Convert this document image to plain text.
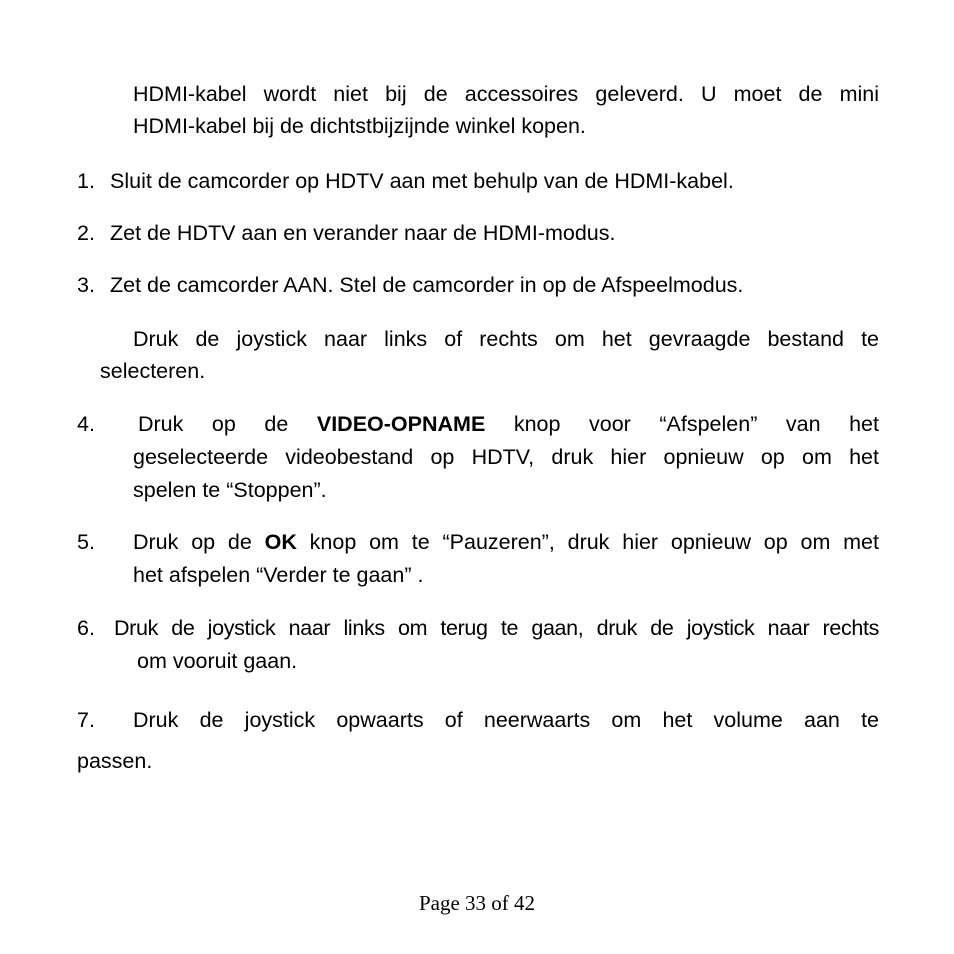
HDMI-kabel wordt niet bij de accessoires geleverd. U moet de mini
HDMI-kabel bij de dichtstbijzijnde winkel kopen.
1. Sluit de camcorder op HDTV aan met behulp van de HDMI-kabel.
2. Zet de HDTV aan en verander naar de HDMI-modus.
3. Zet de camcorder AAN. Stel de camcorder in op de Afspeelmodus.
Druk de joystick naar links of rechts om het gevraagde bestand te
selecteren.
4. Druk op de VIDEO-OPNAME knop voor “Afspelen” van het
geselecteerde videobestand op HDTV, druk hier opnieuw op om het
spelen te “Stoppen”.
5. Druk op de OK knop om te “Pauzeren”, druk hier opnieuw op om met
het afspelen “Verder te gaan” .
6. Druk de joystick naar links om terug te gaan, druk de joystick naar rechts
om vooruit gaan.
7. Druk de joystick opwaarts of neerwaarts om het volume aan te
passen.
Page 33 of 42
